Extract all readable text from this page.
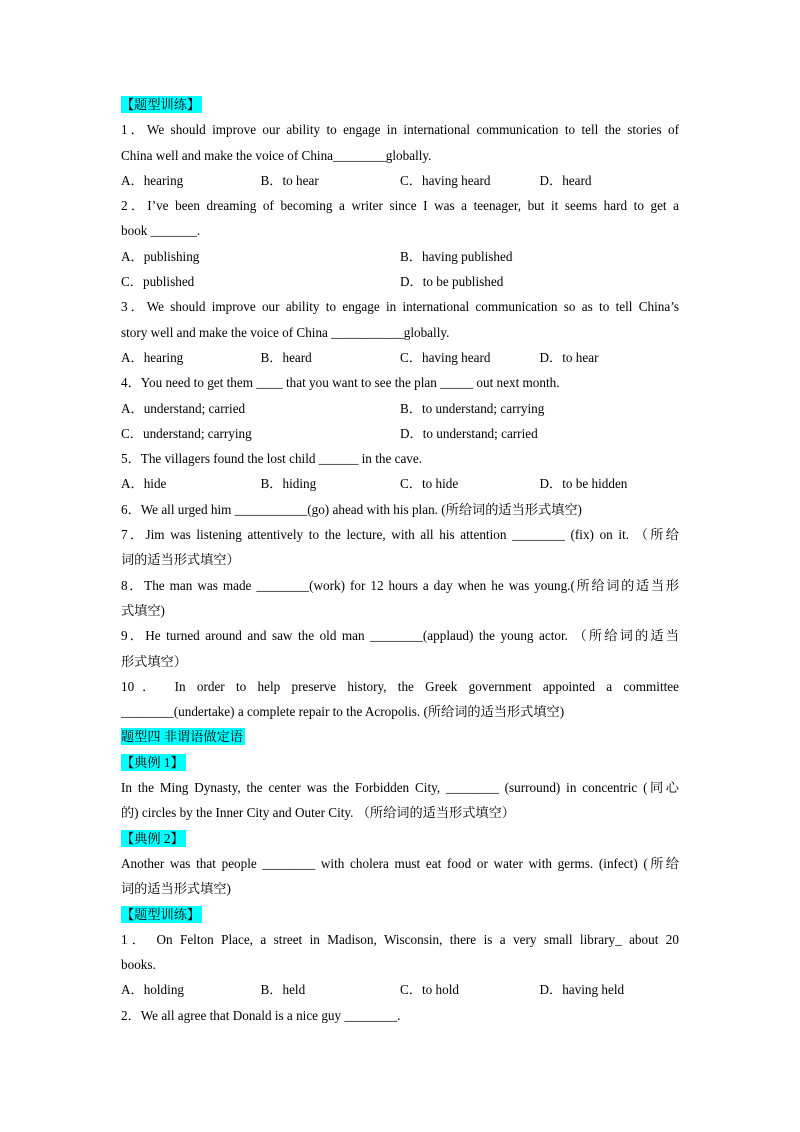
【题型训练】
1．We should improve our ability to engage in international communication to tell the stories of
China well and make the voice of China________globally.
A．hearing	B．to hear	C．having heard	D．heard
2．I’ve been dreaming of becoming a writer since I was a teenager, but it seems hard to get a
book _______.
A．publishing	B．having published
C．published	D．to be published
3．We should improve our ability to engage in international communication so as to tell China’s
story well and make the voice of China ___________globally.
A．hearing	B．heard	C．having heard	D．to hear
4．You need to get them ____ that you want to see the plan _____ out next month.
A．understand; carried	B．to understand; carrying
C．understand; carrying	D．to understand; carried
5．The villagers found the lost child ______ in the cave.
A．hide	B．hiding	C．to hide	D．to be hidden
6．We all urged him ___________(go) ahead with his plan. (所给词的适当形式填空)
7．Jim was listening attentively to the lecture, with all his attention ________ (fix) on it. （所给
词的适当形式填空）
8．The man was made ________(work) for 12 hours a day when he was young.(所给词的适当形
式填空)
9．He turned around and saw the old man ________(applaud) the young actor. （所给词的适当
形式填空）
10． In order to help preserve history, the Greek government appointed a committee
________(undertake) a complete repair to the Acropolis. (所给词的适当形式填空)
题型四 非谓语做定语
【典例 1】
In the Ming Dynasty, the center was the Forbidden City, ________ (surround) in concentric (同心
的) circles by the Inner City and Outer City. （所给词的适当形式填空）
【典例 2】
Another was that people ________ with cholera must eat food or water with germs. (infect) (所给
词的适当形式填空)
【题型训练】
1． On Felton Place, a street in Madison, Wisconsin, there is a very small library_ about 20
books.
A．holding	B．held	C．to hold	D．having held
2．We all agree that Donald is a nice guy ________.
